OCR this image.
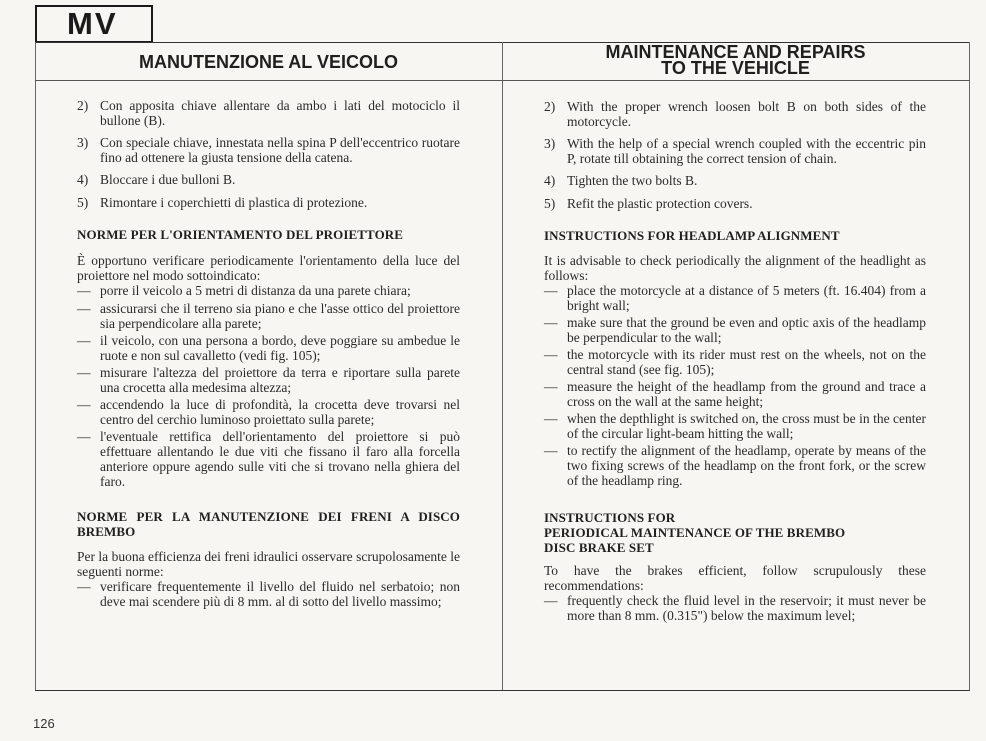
MV
MANUTENZIONE AL VEICOLO	MAINTENANCE AND REPAIRS
TO THE VEHICLE
2) Con apposita chiave allentare da ambo i lati del motociclo il bullone (B).
3) Con speciale chiave, innestata nella spina P dell'eccentrico ruotare fino ad ottenere la giusta tensione della catena.
4) Bloccare i due bulloni B.
5) Rimontare i coperchietti di plastica di protezione.

NORME PER L'ORIENTAMENTO DEL PROIETTORE

È opportuno verificare periodicamente l'orientamento della luce del proiettore nel modo sottoindicato:

— porre il veicolo a 5 metri di distanza da una parete chiara;
— assicurarsi che il terreno sia piano e che l'asse ottico del proiettore sia perpendicolare alla parete;
— il veicolo, con una persona a bordo, deve poggiare su ambedue le ruote e non sul cavalletto (vedi fig. 105);
— misurare l'altezza del proiettore da terra e riportare sulla parete una crocetta alla medesima altezza;
— accendendo la luce di profondità, la crocetta deve trovarsi nel centro del cerchio luminoso proiettato sulla parete;
— l'eventuale rettifica dell'orientamento del proiettore si può effettuare allentando le due viti che fissano il faro alla forcella anteriore oppure agendo sulle viti che si trovano nella ghiera del faro.

NORME PER LA MANUTENZIONE DEI FRENI A DISCO BREMBO

Per la buona efficienza dei freni idraulici osservare scrupolosamente le seguenti norme:

— verificare frequentemente il livello del fluido nel serbatoio; non deve mai scendere più di 8 mm. al di sotto del livello massimo;
2) With the proper wrench loosen bolt B on both sides of the motorcycle.
3) With the help of a special wrench coupled with the eccentric pin P, rotate till obtaining the correct tension of chain.
4) Tighten the two bolts B.
5) Refit the plastic protection covers.

INSTRUCTIONS FOR HEADLAMP ALIGNMENT

It is advisable to check periodically the alignment of the headlight as follows:

— place the motorcycle at a distance of 5 meters (ft. 16.404) from a bright wall;
— make sure that the ground be even and optic axis of the headlamp be perpendicular to the wall;
— the motorcycle with its rider must rest on the wheels, not on the central stand (see fig. 105);
— measure the height of the headlamp from the ground and trace a cross on the wall at the same height;
— when the depthlight is switched on, the cross must be in the center of the circular light-beam hitting the wall;
— to rectify the alignment of the headlamp, operate by means of the two fixing screws of the headlamp on the front fork, or the screw of the headlamp ring.

INSTRUCTIONS FOR

PERIODICAL MAINTENANCE OF THE BREMBO

DISC BRAKE SET

To have the brakes efficient, follow scrupulously these recommendations:

— frequently check the fluid level in the reservoir; it must never be more than 8 mm. (0.315") below the maximum level;
126
